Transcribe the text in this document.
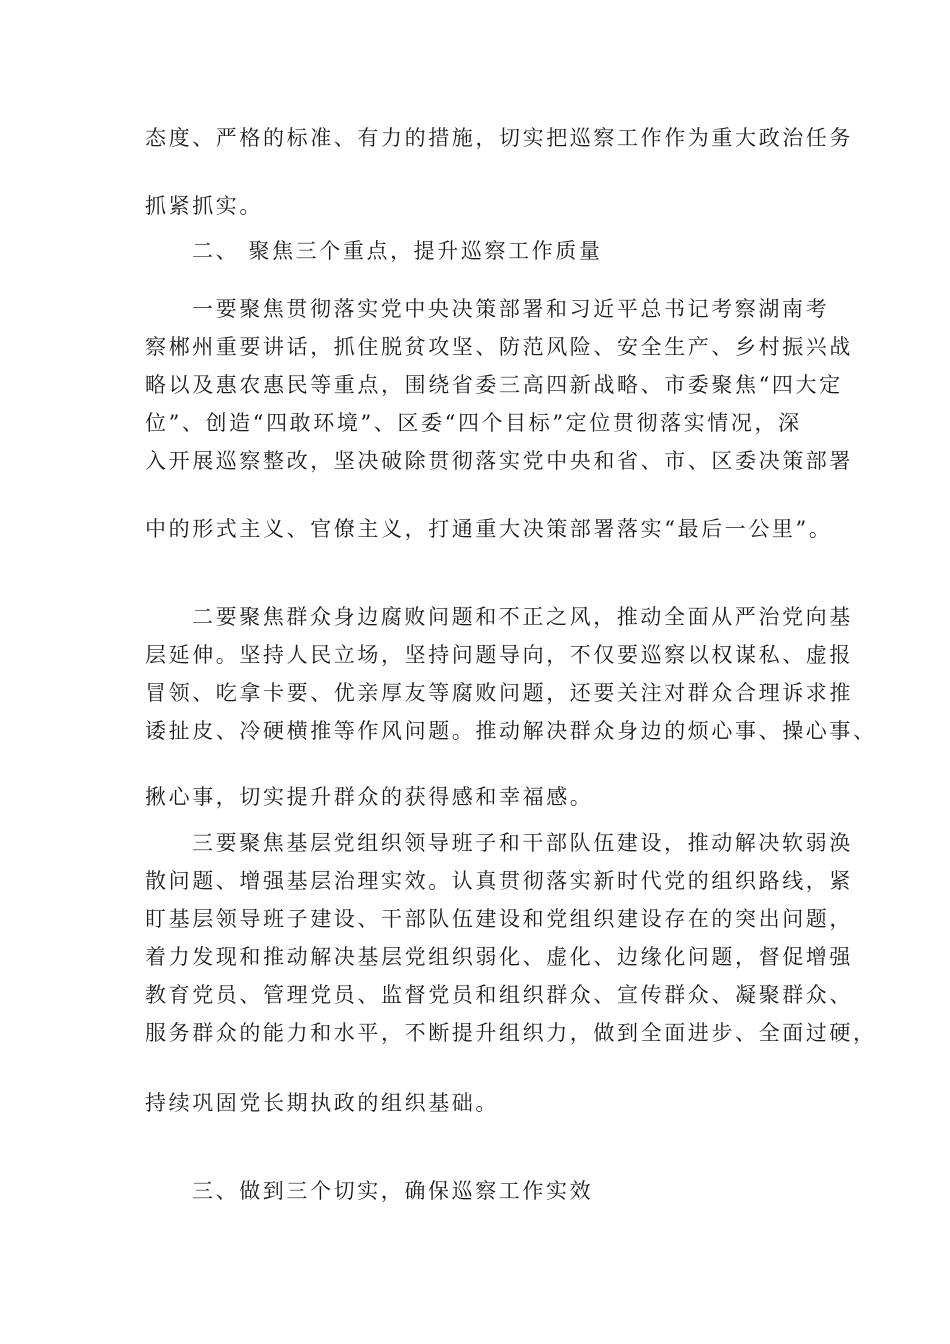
态度、严格的标准、有力的措施，切实把巡察工作作为重大政治任务
抓紧抓实。
二、 聚焦三个重点，提升巡察工作质量
一要聚焦贯彻落实党中央决策部署和习近平总书记考察湖南考
察郴州重要讲话，抓住脱贫攻坚、防范风险、安全生产、乡村振兴战
略以及惠农惠民等重点，围绕省委三高四新战略、市委聚焦“四大定
位”、创造“四敢环境”、区委“四个目标”定位贯彻落实情况，深
入开展巡察整改，坚决破除贯彻落实党中央和省、市、区委决策部署
中的形式主义、官僚主义，打通重大决策部署落实“最后一公里”。
二要聚焦群众身边腐败问题和不正之风，推动全面从严治党向基
层延伸。坚持人民立场，坚持问题导向，不仅要巡察以权谋私、虚报
冒领、吃拿卡要、优亲厚友等腐败问题，还要关注对群众合理诉求推
诿扯皮、冷硬横推等作风问题。推动解决群众身边的烦心事、操心事、
揪心事，切实提升群众的获得感和幸福感。
三要聚焦基层党组织领导班子和干部队伍建设，推动解决软弱涣
散问题、增强基层治理实效。认真贯彻落实新时代党的组织路线，紧
盯基层领导班子建设、干部队伍建设和党组织建设存在的突出问题，
着力发现和推动解决基层党组织弱化、虚化、边缘化问题，督促增强
教育党员、管理党员、监督党员和组织群众、宣传群众、凝聚群众、
服务群众的能力和水平，不断提升组织力，做到全面进步、全面过硬，
持续巩固党长期执政的组织基础。
三、做到三个切实，确保巡察工作实效
